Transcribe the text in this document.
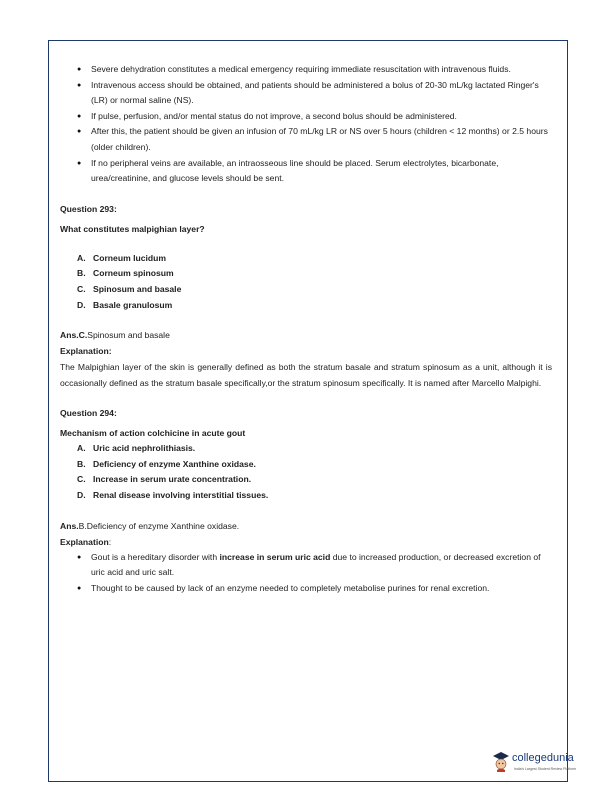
● Severe dehydration constitutes a medical emergency requiring immediate resuscitation with intravenous fluids.
● Intravenous access should be obtained, and patients should be administered a bolus of 20-30 mL/kg lactated Ringer's (LR) or normal saline (NS).
● If pulse, perfusion, and/or mental status do not improve, a second bolus should be administered.
● After this, the patient should be given an infusion of 70 mL/kg LR or NS over 5 hours (children < 12 months) or 2.5 hours (older children).
● If no peripheral veins are available, an intraosseous line should be placed. Serum electrolytes, bicarbonate, urea/creatinine, and glucose levels should be sent.
Question 293:
What constitutes malpighian layer?
A. Corneum lucidum
B. Corneum spinosum
C. Spinosum and basale
D. Basale granulosum
Ans.C.Spinosum and basale
Explanation:
The Malpighian layer of the skin is generally defined as both the stratum basale and stratum spinosum as a unit, although it is occasionally defined as the stratum basale specifically,or the stratum spinosum specifically. It is named after Marcello Malpighi.
Question 294:
Mechanism of action colchicine in acute gout
A. Uric acid nephrolithiasis.
B. Deficiency of enzyme Xanthine oxidase.
C. Increase in serum urate concentration.
D. Renal disease involving interstitial tissues.
Ans.B.Deficiency of enzyme Xanthine oxidase.
Explanation:
● Gout is a hereditary disorder with increase in serum uric acid due to increased production, or decreased excretion of uric acid and uric salt.
● Thought to be caused by lack of an enzyme needed to completely metabolise purines for renal excretion.
collegedunia
India's Largest Student Review Platform
